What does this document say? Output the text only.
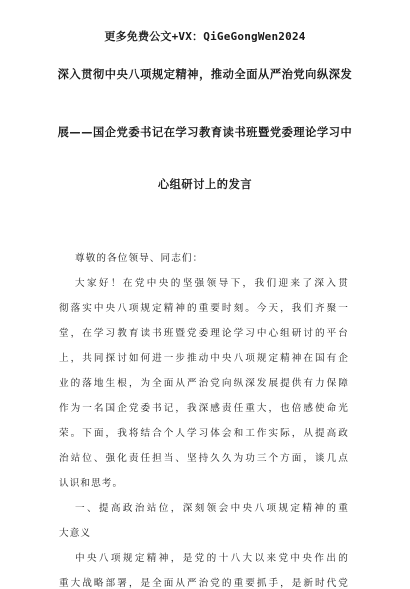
更多免费公文+VX：QiGeGongWen2024
深入贯彻中央八项规定精神，推动全面从严治党向纵深发
展——国企党委书记在学习教育读书班暨党委理论学习中
心组研讨上的发言
尊敬的各位领导、同志们：
大家好！在党中央的坚强领导下，我们迎来了深入贯
彻落实中央八项规定精神的重要时刻。今天，我们齐聚一
堂，在学习教育读书班暨党委理论学习中心组研讨的平台
上，共同探讨如何进一步推动中央八项规定精神在国有企
业的落地生根，为全面从严治党向纵深发展提供有力保障
作为一名国企党委书记，我深感责任重大，也倍感使命光
荣。下面，我将结合个人学习体会和工作实际，从提高政
治站位、强化责任担当、坚持久久为功三个方面，谈几点
认识和思考。
一、提高政治站位，深刻领会中央八项规定精神的重
大意义
中央八项规定精神，是党的十八大以来党中央作出的
重大战略部署，是全面从严治党的重要抓手，是新时代党
